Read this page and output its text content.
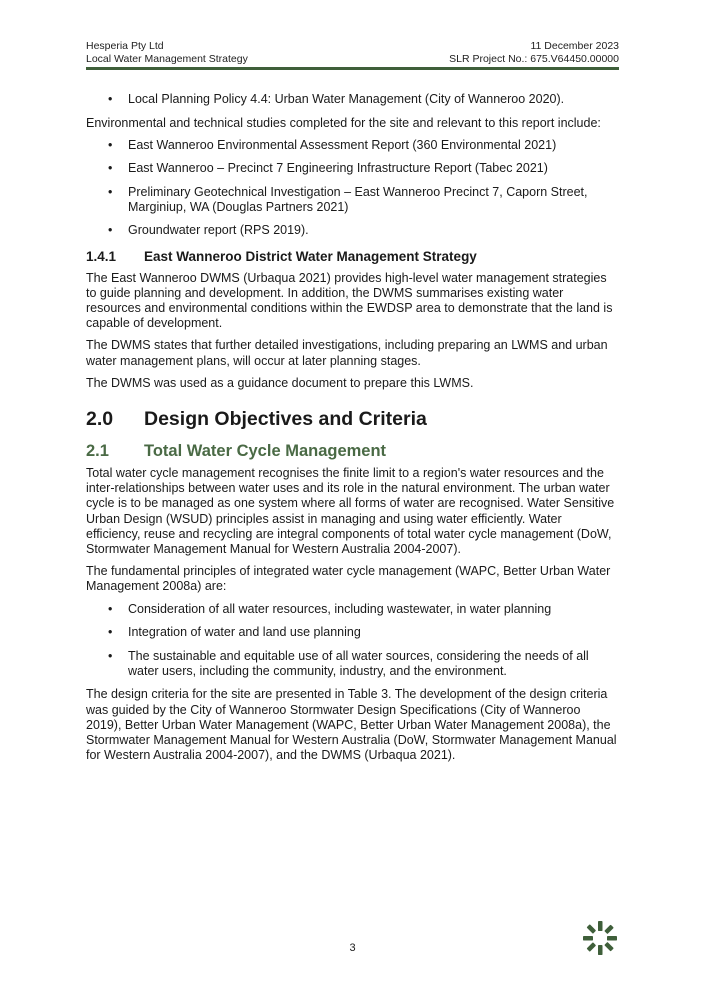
Hesperia Pty Ltd	11 December 2023
Local Water Management Strategy	SLR Project No.: 675.V64450.00000
• Local Planning Policy 4.4: Urban Water Management (City of Wanneroo 2020).

Environmental and technical studies completed for the site and relevant to this report include:

• East Wanneroo Environmental Assessment Report (360 Environmental 2021)
• East Wanneroo – Precinct 7 Engineering Infrastructure Report (Tabec 2021)
• Preliminary Geotechnical Investigation – East Wanneroo Precinct 7, Caporn Street, Marginiup, WA (Douglas Partners 2021)
• Groundwater report (RPS 2019).
1.4.1	East Wanneroo District Water Management Strategy

The East Wanneroo DWMS (Urbaqua 2021) provides high-level water management strategies to guide planning and development. In addition, the DWMS summarises existing water resources and environmental conditions within the EWDSP area to demonstrate that the land is capable of development.

The DWMS states that further detailed investigations, including preparing an LWMS and urban water management plans, will occur at later planning stages.

The DWMS was used as a guidance document to prepare this LWMS.

2.0	Design Objectives and Criteria
2.1	Total Water Cycle Management

Total water cycle management recognises the finite limit to a region's water resources and the inter-relationships between water uses and its role in the natural environment. The urban water cycle is to be managed as one system where all forms of water are recognised. Water Sensitive Urban Design (WSUD) principles assist in managing and using water efficiently. Water efficiency, reuse and recycling are integral components of total water cycle management (DoW, Stormwater Management Manual for Western Australia 2004-2007).

The fundamental principles of integrated water cycle management (WAPC, Better Urban Water Management 2008a) are:

• Consideration of all water resources, including wastewater, in water planning
• Integration of water and land use planning
• The sustainable and equitable use of all water sources, considering the needs of all water users, including the community, industry, and the environment.

The design criteria for the site are presented in Table 3. The development of the design criteria was guided by the City of Wanneroo Stormwater Design Specifications (City of Wanneroo 2019), Better Urban Water Management (WAPC, Better Urban Water Management 2008a), the Stormwater Management Manual for Western Australia (DoW, Stormwater Management Manual for Western Australia 2004-2007), and the DWMS (Urbaqua 2021).

3
